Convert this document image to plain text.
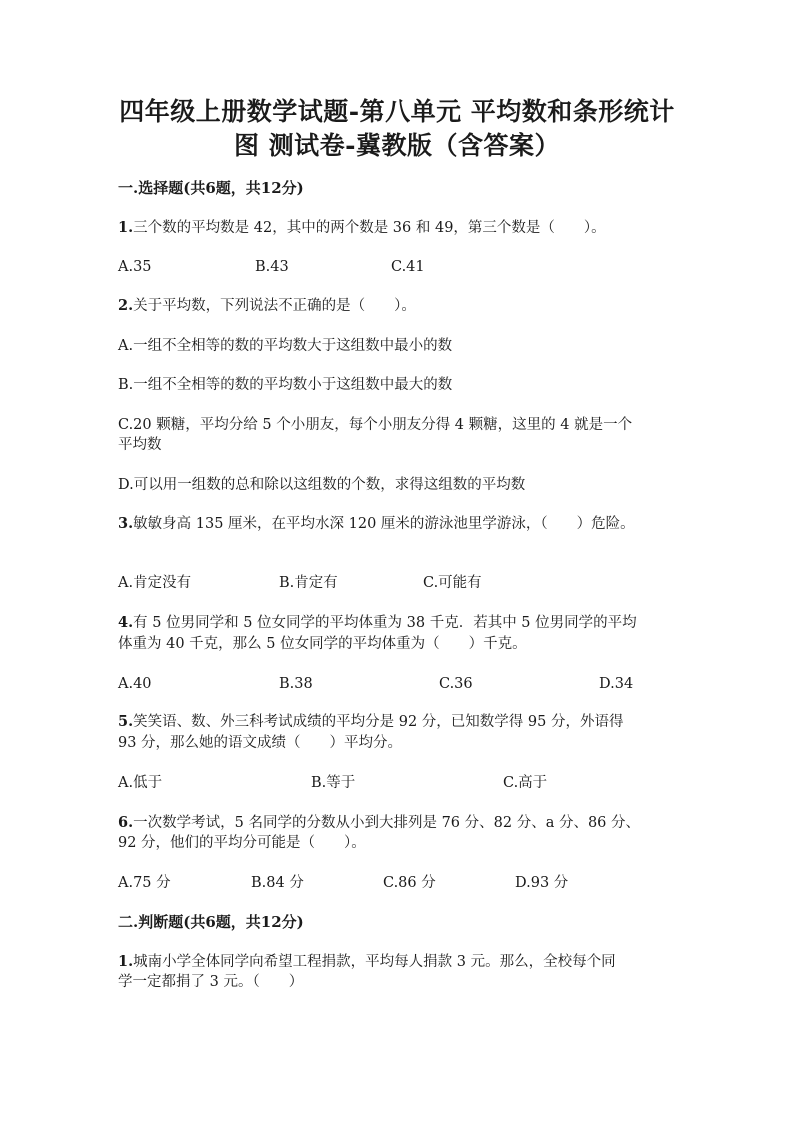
四年级上册数学试题-第八单元 平均数和条形统计
图 测试卷-冀教版（含答案）
一.选择题(共6题，共12分)
1.三个数的平均数是 42，其中的两个数是 36 和 49，第三个数是（　　）。
A.35	B.43	C.41
2.关于平均数，下列说法不正确的是（　　）。
A.一组不全相等的数的平均数大于这组数中最小的数
B.一组不全相等的数的平均数小于这组数中最大的数
C.20 颗糖，平均分给 5 个小朋友，每个小朋友分得 4 颗糖，这里的 4 就是一个
平均数
D.可以用一组数的总和除以这组数的个数，求得这组数的平均数
3.敏敏身高 135 厘米，在平均水深 120 厘米的游泳池里学游泳，（　　）危险。
A.肯定没有	B.肯定有	C.可能有
4.有 5 位男同学和 5 位女同学的平均体重为 38 千克．若其中 5 位男同学的平均
体重为 40 千克，那么 5 位女同学的平均体重为（　　）千克。
A.40	B.38	C.36	D.34
5.笑笑语、数、外三科考试成绩的平均分是 92 分，已知数学得 95 分，外语得
93 分，那么她的语文成绩（　　）平均分。
A.低于	B.等于	C.高于
6.一次数学考试，5 名同学的分数从小到大排列是 76 分、82 分、a 分、86 分、
92 分，他们的平均分可能是（　　）。
A.75 分	B.84 分	C.86 分	D.93 分
二.判断题(共6题，共12分)
1.城南小学全体同学向希望工程捐款，平均每人捐款 3 元。那么，全校每个同
学一定都捐了 3 元。（　　）
